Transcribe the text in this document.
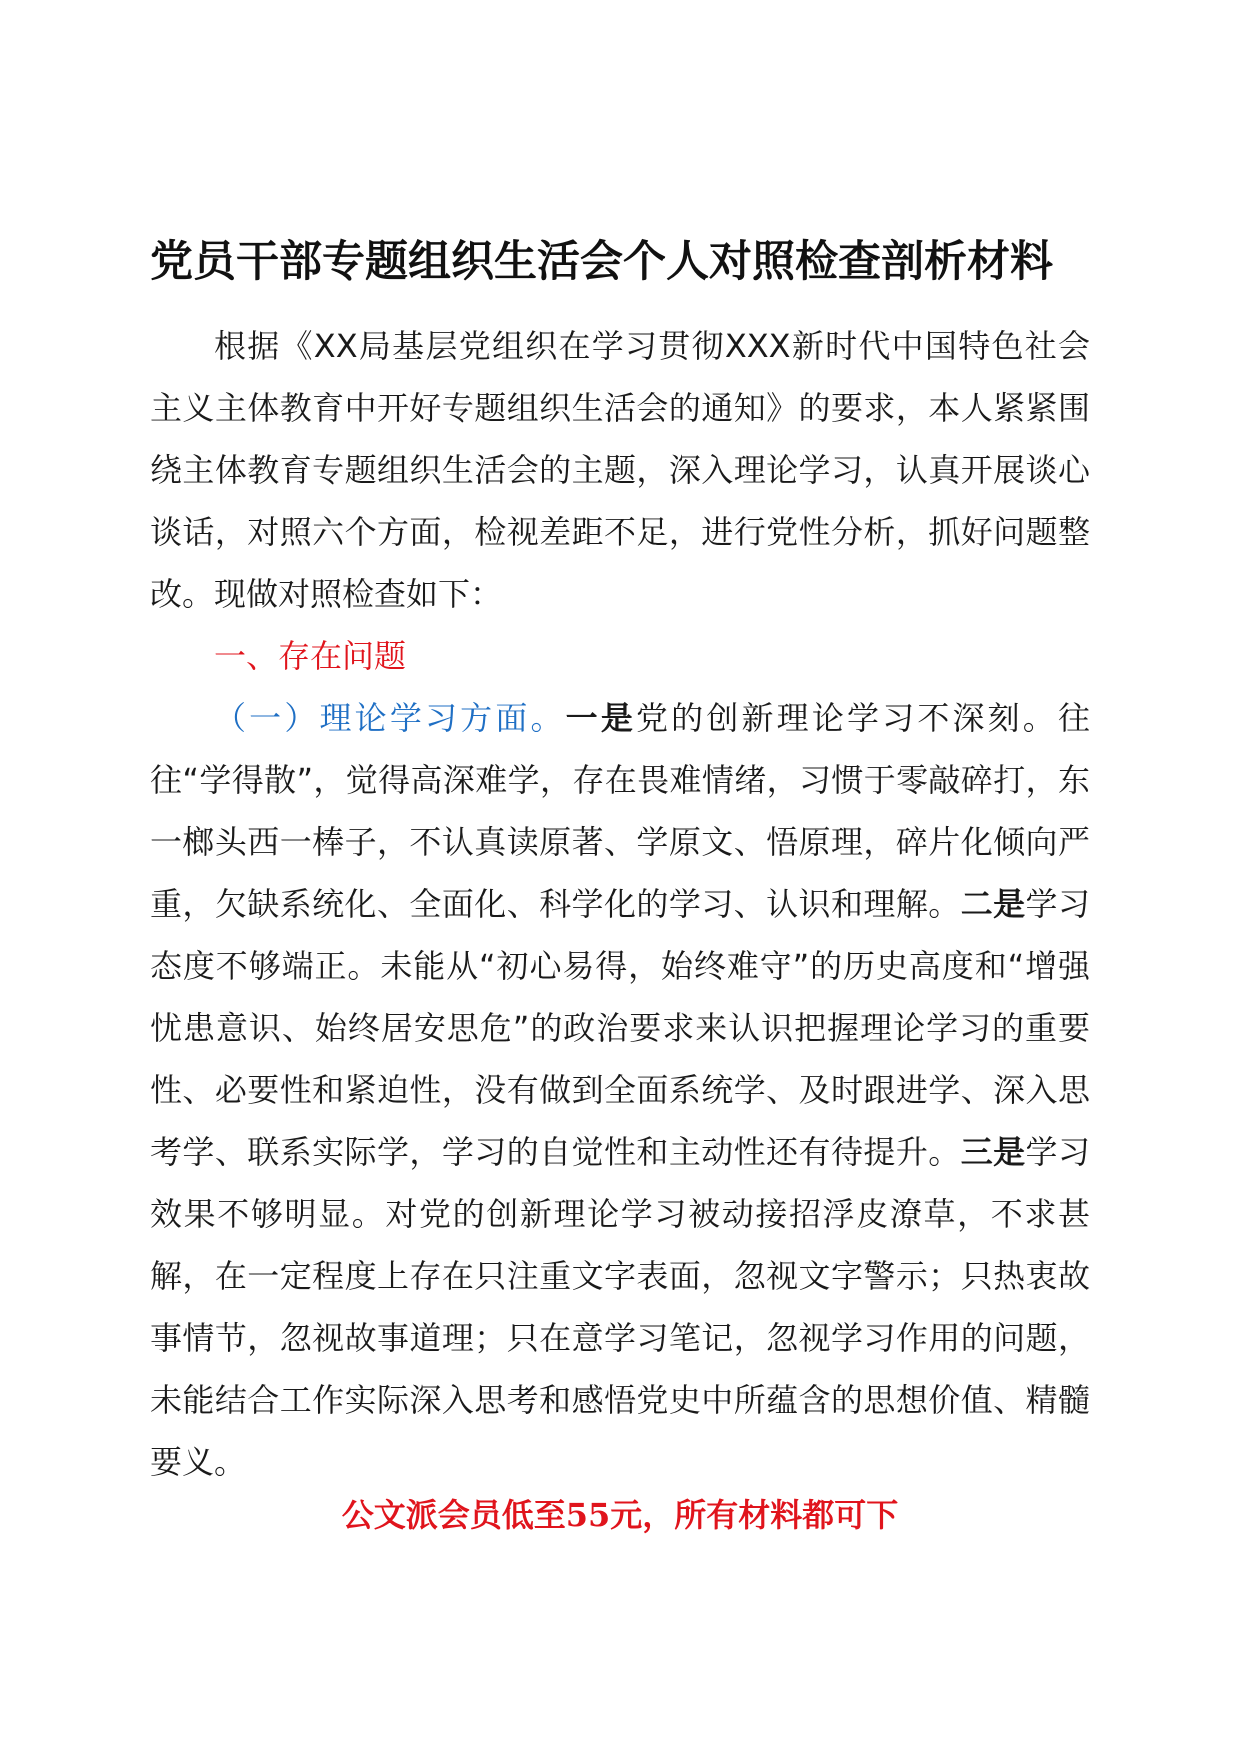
党员干部专题组织生活会个人对照检查剖析材料

根据《XX局基层党组织在学习贯彻XXX新时代中国特色社会主义主体教育中开好专题组织生活会的通知》的要求，本人紧紧围绕主体教育专题组织生活会的主题，深入理论学习，认真开展谈心谈话，对照六个方面，检视差距不足，进行党性分析，抓好问题整改。现做对照检查如下：

一、存在问题

（一）理论学习方面。一是党的创新理论学习不深刻。往往“学得散”，觉得高深难学，存在畏难情绪，习惯于零敲碎打，东一榔头西一棒子，不认真读原著、学原文、悟原理，碎片化倾向严重，欠缺系统化、全面化、科学化的学习、认识和理解。二是学习态度不够端正。未能从“初心易得，始终难守”的历史高度和“增强忧患意识、始终居安思危”的政治要求来认识把握理论学习的重要性、必要性和紧迫性，没有做到全面系统学、及时跟进学、深入思考学、联系实际学，学习的自觉性和主动性还有待提升。三是学习效果不够明显。对党的创新理论学习被动接招浮皮潦草，不求甚解，在一定程度上存在只注重文字表面，忽视文字警示；只热衷故事情节，忽视故事道理；只在意学习笔记，忽视学习作用的问题，未能结合工作实际深入思考和感悟党史中所蕴含的思想价值、精髓要义。

公文派会员低至55元，所有材料都可下
